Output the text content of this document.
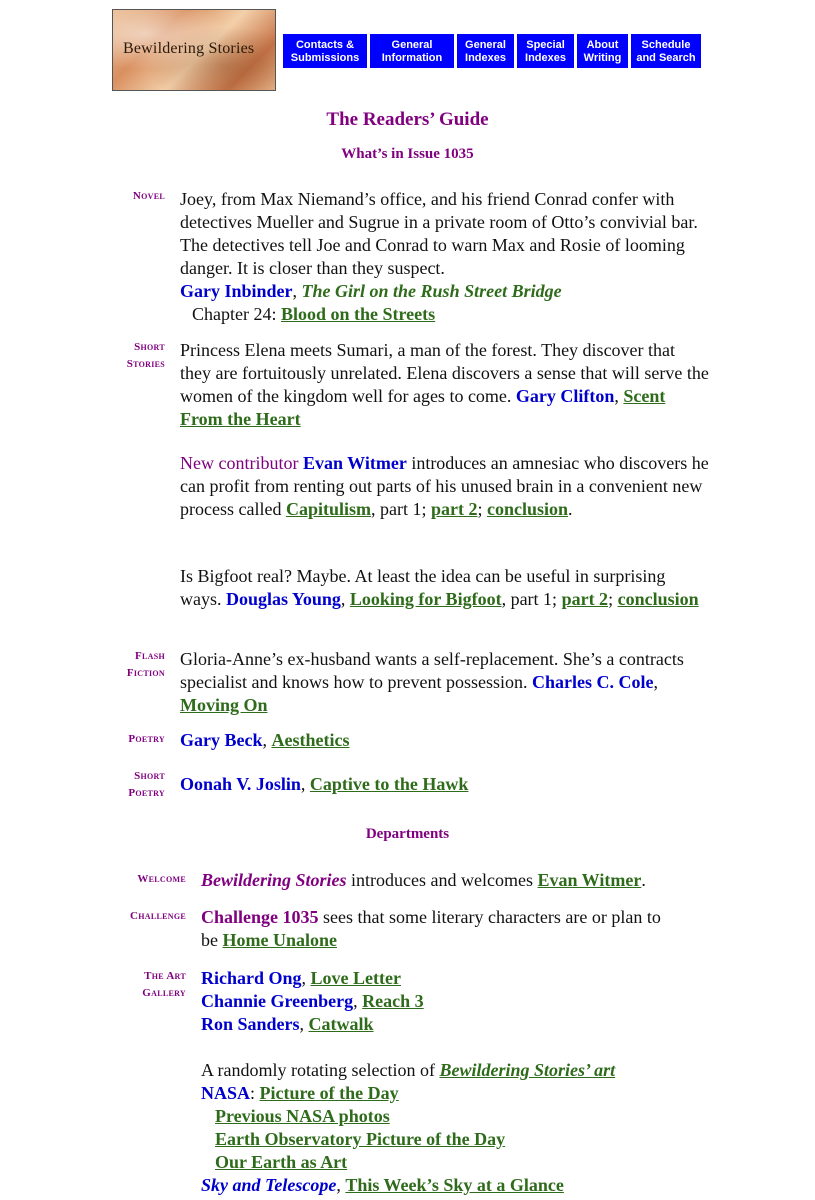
Bewildering Stories	Contacts &
Submissions
General
Information
General
Indexes
Special
Indexes
About
Writing
Schedule
and Search
The Readers’ Guide
What’s in Issue 1035
Novel Joey, from Max Niemand’s office, and his friend Conrad confer with detectives Mueller and Sugrue in a private room of Otto’s convivial bar. The detectives tell Joe and Conrad to warn Max and Rosie of looming danger. It is closer than they suspect.

Gary Inbinder, The Girl on the Rush Street Bridge

Chapter 24: Blood on the Streets

Short
Stories

Princess Elena meets Sumari, a man of the forest. They discover that they are fortuitously unrelated. Elena discovers a sense that will serve the women of the kingdom well for ages to come. Gary Clifton, Scent From the Heart

New contributor Evan Witmer introduces an amnesiac who discovers he can profit from renting out parts of his unused brain in a convenient new process called Capitulism, part 1; part 2; conclusion.

Is Bigfoot real? Maybe. At least the idea can be useful in surprising ways. Douglas Young, Looking for Bigfoot, part 1; part 2; conclusion

Flash
Fiction

Gloria-Anne’s ex-husband wants a self-replacement. She’s a contracts specialist and knows how to prevent possession. Charles C. Cole, Moving On

Poetry Gary Beck, Aesthetics

Short
Poetry Oonah V. Joslin, Captive to the Hawk

Departments
Welcome Bewildering Stories introduces and welcomes Evan Witmer.

Challenge Challenge 1035 sees that some literary characters are or plan to

be Home Unalone

The Art
Gallery

Richard Ong, Love Letter

Channie Greenberg, Reach 3

Ron Sanders, Catwalk

A randomly rotating selection of Bewildering Stories’ art

NASA: Picture of the Day

Previous NASA photos

Earth Observatory Picture of the Day

Our Earth as Art

Sky and Telescope, This Week’s Sky at a Glance
